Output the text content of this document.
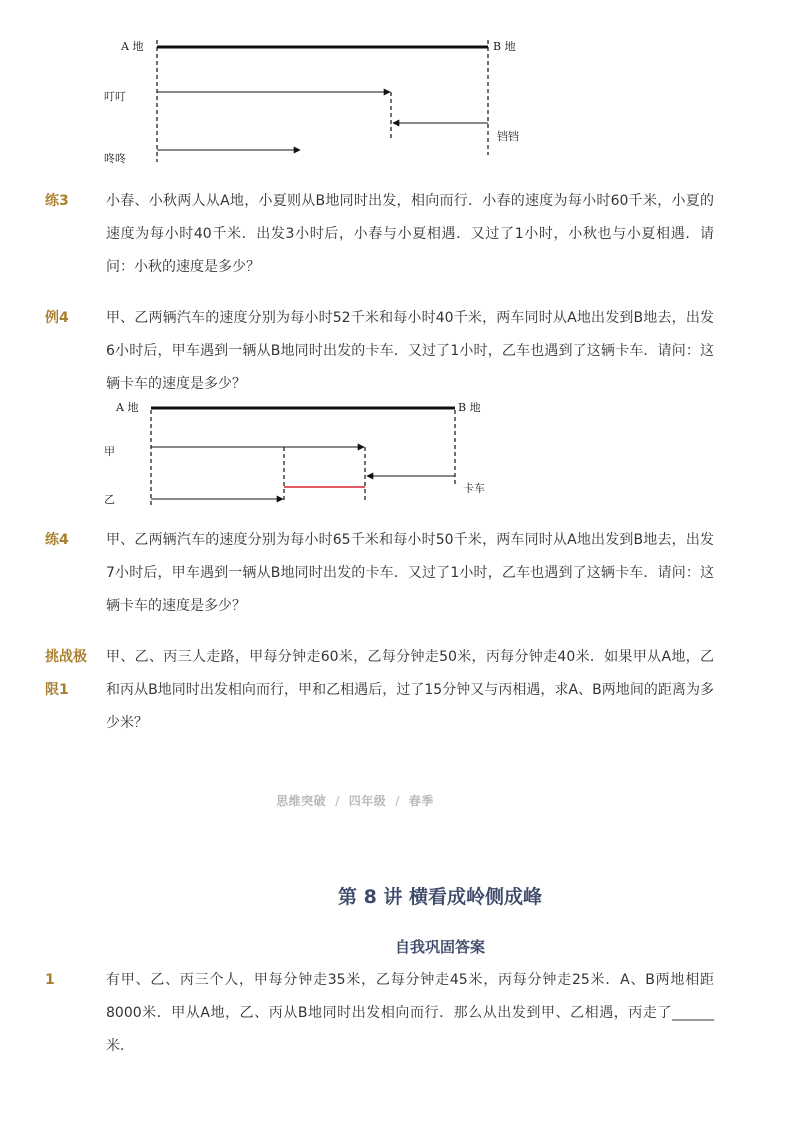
A 地	B 地
叮叮
咚咚
铛铛
A 地	B 地
甲
卡车
乙
练3	小春、小秋两人从A地，小夏则从B地同时出发，相向而行．小春的速度为每小时60千米，小夏的速度为每小时40千米．出发3小时后，小春与小夏相遇．又过了1小时，小秋也与小夏相遇．请问：小秋的速度是多少？
例4	甲、乙两辆汽车的速度分别为每小时52千米和每小时40千米，两车同时从A地出发到B地去，出发6小时后，甲车遇到一辆从B地同时出发的卡车．又过了1小时，乙车也遇到了这辆卡车．请问：这辆卡车的速度是多少？
练4	甲、乙两辆汽车的速度分别为每小时65千米和每小时50千米，两车同时从A地出发到B地去，出发7小时后，甲车遇到一辆从B地同时出发的卡车．又过了1小时，乙车也遇到了这辆卡车．请问：这辆卡车的速度是多少？
挑战极限1
甲、乙、丙三人走路，甲每分钟走60米，乙每分钟走50米，丙每分钟走40米．如果甲从A地，乙和丙从B地同时出发相向而行，甲和乙相遇后，过了15分钟又与丙相遇，求A、B两地间的距离为多少米？
思维突破 / 四年级 / 春季
第 8 讲 横看成岭侧成峰
自我巩固答案
1	有甲、乙、丙三个人，甲每分钟走35米，乙每分钟走45米，丙每分钟走25米．A、B两地相距8000米．甲从A地，乙、丙从B地同时出发相向而行．那么从出发到甲、乙相遇，丙走了______米．
